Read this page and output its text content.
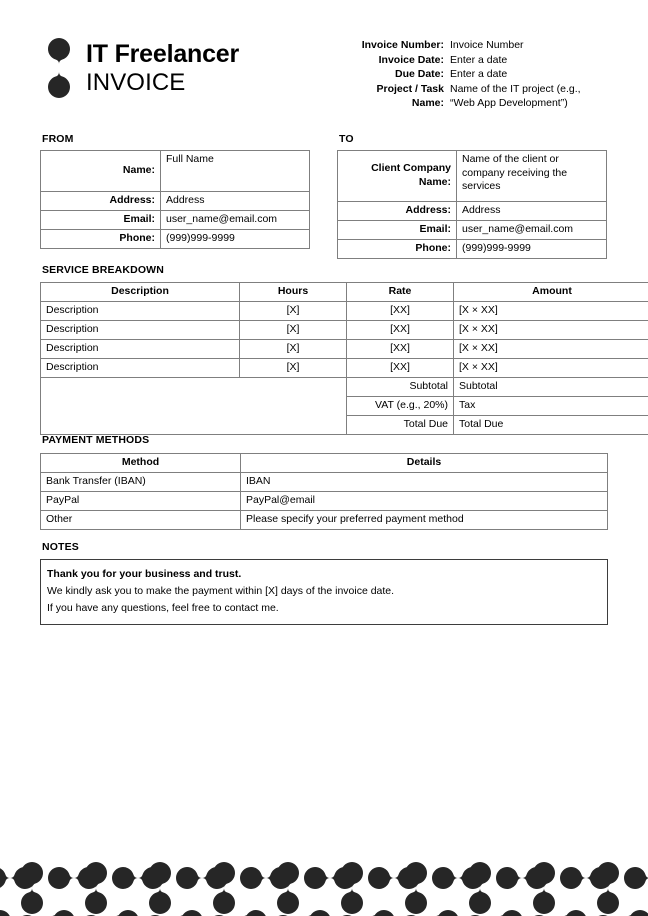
IT Freelancer
INVOICE
Invoice Number: Invoice Number
Invoice Date: Enter a date
Due Date: Enter a date
Project / Task Name of the IT project (e.g.,
Name: “Web App Development”)
FROM
Name:	Full Name
Address:	Address
Email:	user_name@email.com
Phone:	(999)999-9999
TO
Client Company Name:	Name of the client or company receiving the services
Address:	Address
Email:	user_name@email.com
Phone:	(999)999-9999
SERVICE BREAKDOWN
Description	Hours	Rate	Amount
Description	[X]	[XX]	[X × XX]
Description	[X]	[XX]	[X × XX]
Description	[X]	[XX]	[X × XX]
Description	[X]	[XX]	[X × XX]
		Subtotal	Subtotal
		VAT (e.g., 20%)	Tax
		Total Due	Total Due
PAYMENT METHODS
Method	Details
Bank Transfer (IBAN)	IBAN
PayPal	PayPal@email
Other	Please specify your preferred payment method
NOTES
Thank you for your business and trust.
We kindly ask you to make the payment within [X] days of the invoice date.
If you have any questions, feel free to contact me.
